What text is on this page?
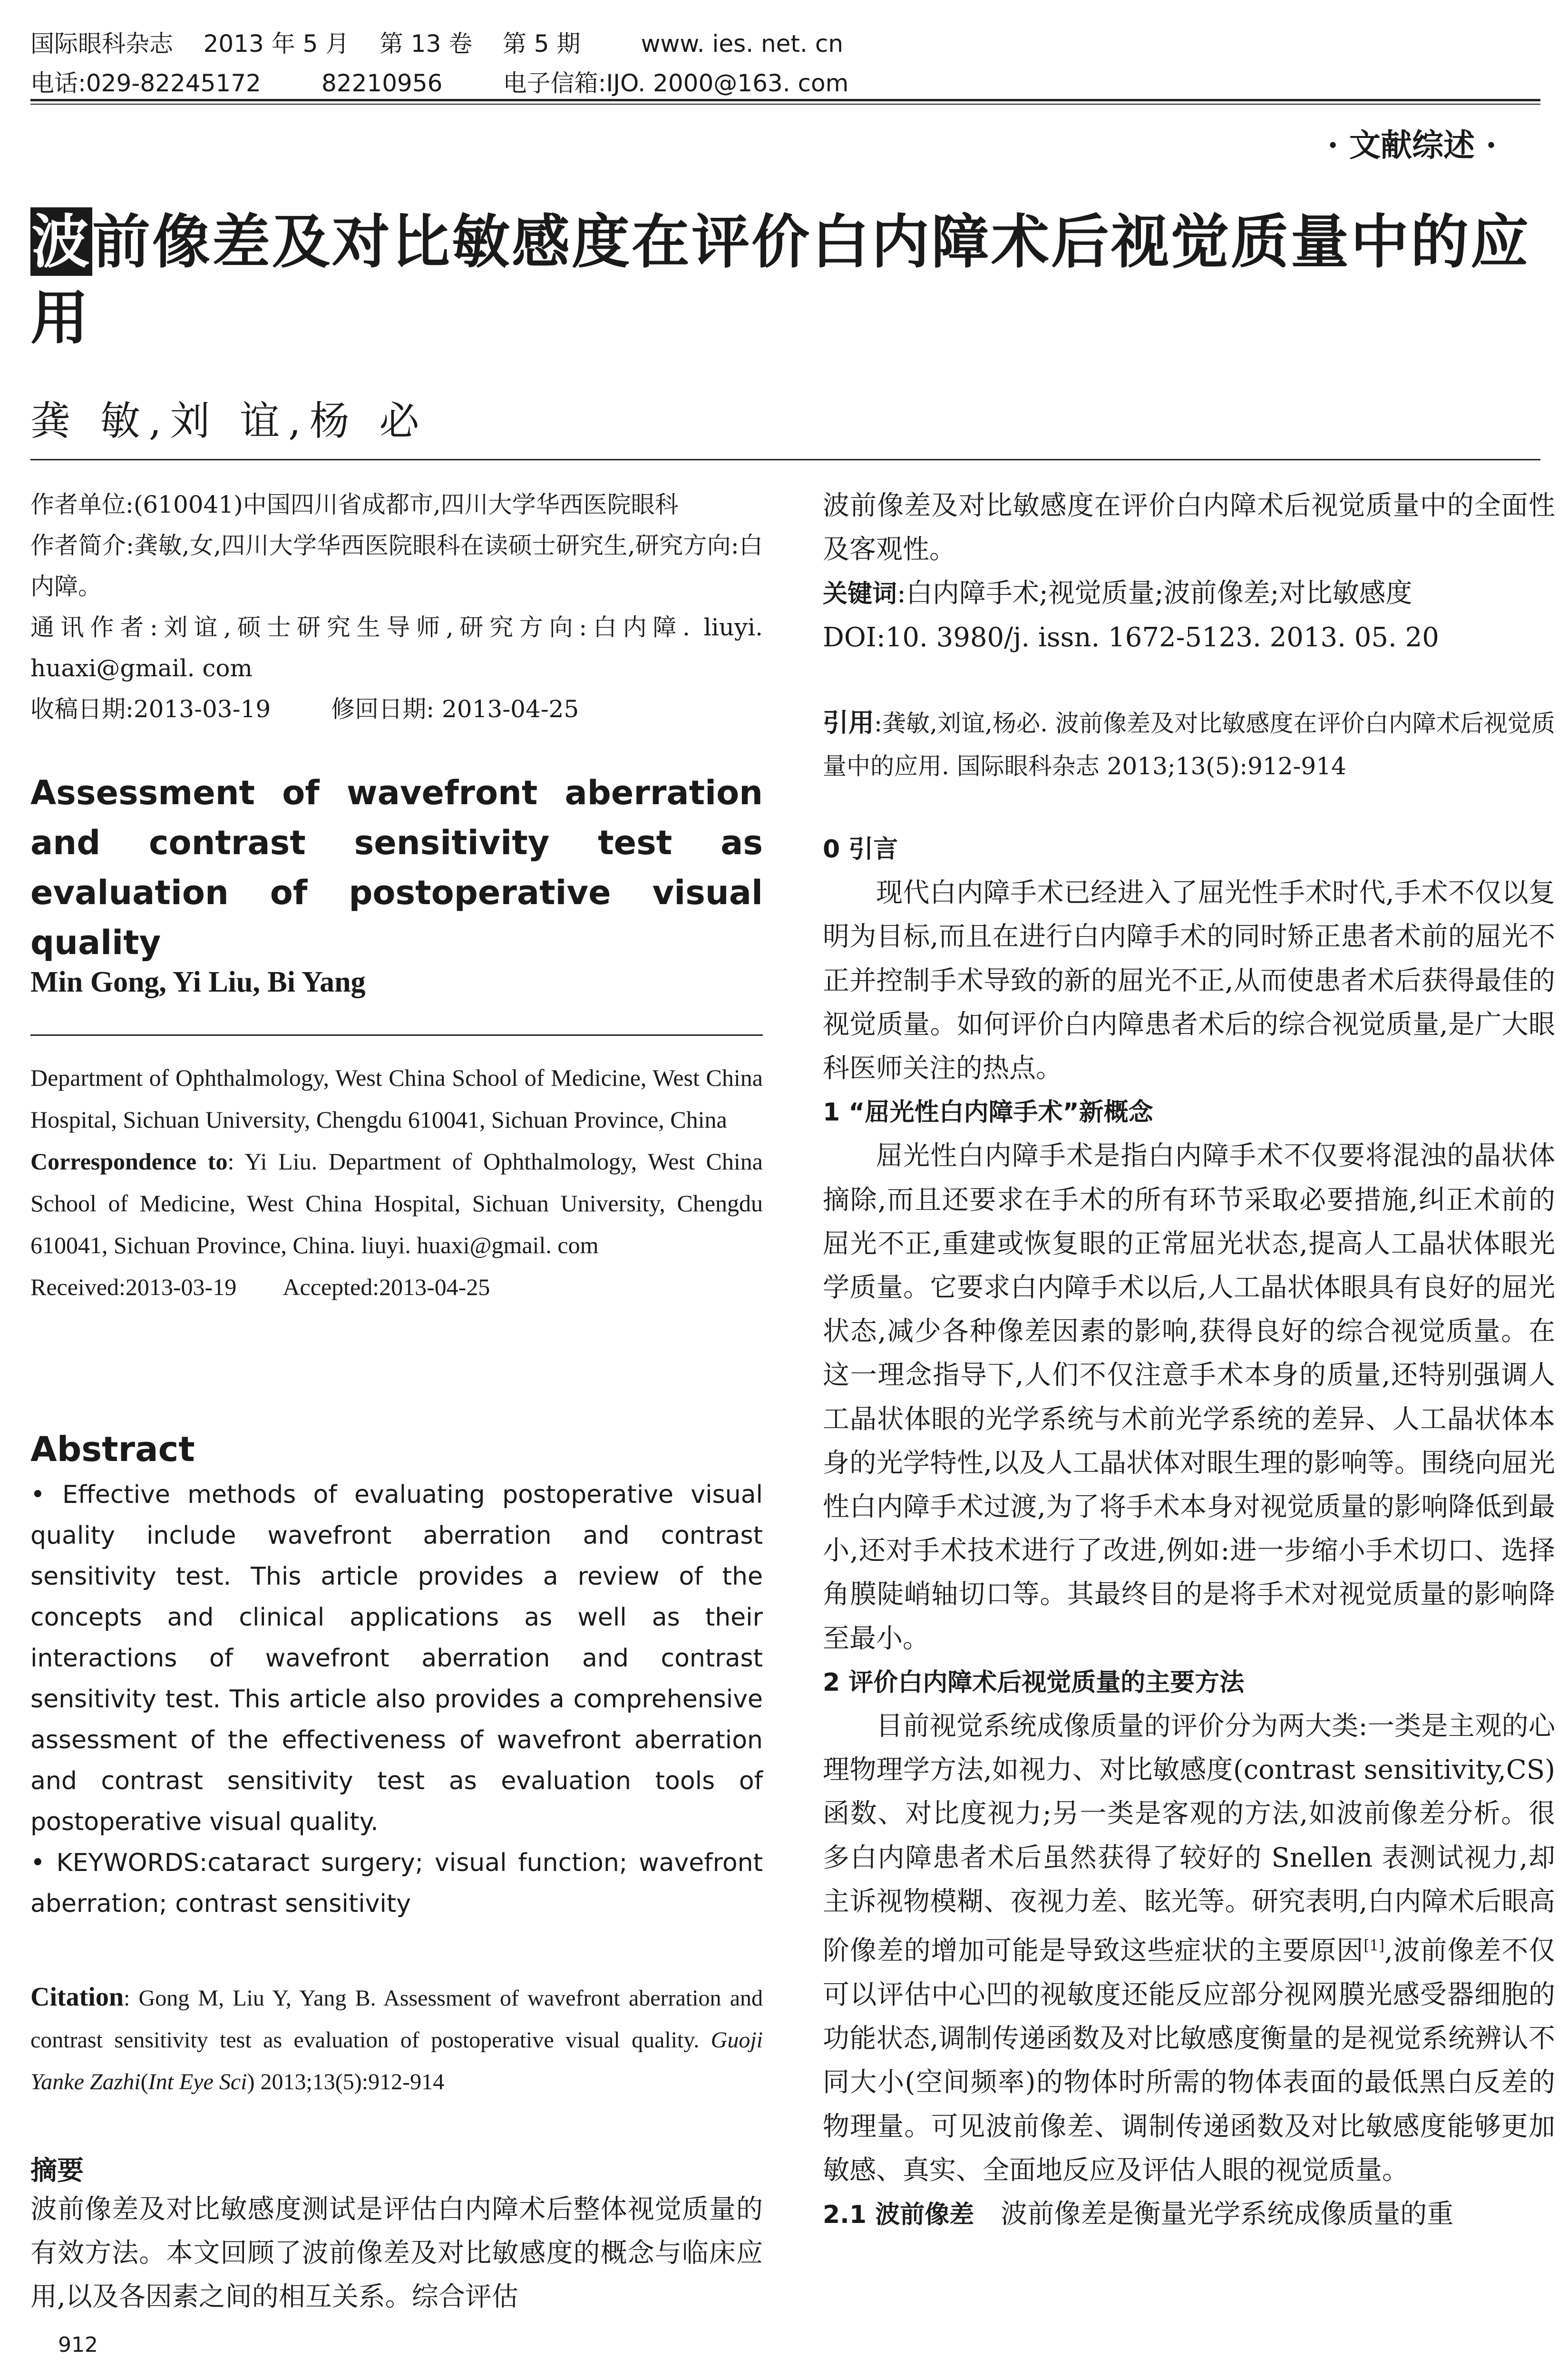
国际眼科杂志    2013 年 5 月    第 13 卷    第 5 期        www. ies. net. cn
电话:029-82245172        82210956        电子信箱:IJO. 2000@163. com
· 文献综述 ·
波前像差及对比敏感度在评价白内障术后视觉质量中的应用
龚 敏,刘 谊,杨 必
作者单位:(610041)中国四川省成都市,四川大学华西医院眼科
作者简介:龚敏,女,四川大学华西医院眼科在读硕士研究生,研究方向:白内障。
通讯作者:刘谊,硕士研究生导师,研究方向:白内障. liuyi. huaxi@gmail. com
收稿日期:2013-03-19        修回日期: 2013-04-25
Assessment of wavefront aberration and contrast sensitivity test as evaluation of postoperative visual quality
Min Gong, Yi Liu, Bi Yang
Department of Ophthalmology, West China School of Medicine, West China Hospital, Sichuan University, Chengdu 610041, Sichuan Province, China
Correspondence to: Yi Liu. Department of Ophthalmology, West China School of Medicine, West China Hospital, Sichuan University, Chengdu 610041, Sichuan Province, China. liuyi. huaxi@gmail. com
Received:2013-03-19        Accepted:2013-04-25
Abstract
• Effective methods of evaluating postoperative visual quality include wavefront aberration and contrast sensitivity test. This article provides a review of the concepts and clinical applications as well as their interactions of wavefront aberration and contrast sensitivity test. This article also provides a comprehensive assessment of the effectiveness of wavefront aberration and contrast sensitivity test as evaluation tools of postoperative visual quality.
• KEYWORDS:cataract surgery; visual function; wavefront aberration; contrast sensitivity
Citation: Gong M, Liu Y, Yang B. Assessment of wavefront aberration and contrast sensitivity test as evaluation of postoperative visual quality. Guoji Yanke Zazhi(Int Eye Sci) 2013;13(5):912-914
摘要
波前像差及对比敏感度测试是评估白内障术后整体视觉质量的有效方法。本文回顾了波前像差及对比敏感度的概念与临床应用,以及各因素之间的相互关系。综合评估
912
波前像差及对比敏感度在评价白内障术后视觉质量中的全面性及客观性。
关键词:白内障手术;视觉质量;波前像差;对比敏感度
DOI:10. 3980/j. issn. 1672-5123. 2013. 05. 20
引用:龚敏,刘谊,杨必. 波前像差及对比敏感度在评价白内障术后视觉质量中的应用. 国际眼科杂志 2013;13(5):912-914

0 引言

现代白内障手术已经进入了屈光性手术时代,手术不仅以复明为目标,而且在进行白内障手术的同时矫正患者术前的屈光不正并控制手术导致的新的屈光不正,从而使患者术后获得最佳的视觉质量。如何评价白内障患者术后的综合视觉质量,是广大眼科医师关注的热点。

1 “屈光性白内障手术”新概念

屈光性白内障手术是指白内障手术不仅要将混浊的晶状体摘除,而且还要求在手术的所有环节采取必要措施,纠正术前的屈光不正,重建或恢复眼的正常屈光状态,提高人工晶状体眼光学质量。它要求白内障手术以后,人工晶状体眼具有良好的屈光状态,减少各种像差因素的影响,获得良好的综合视觉质量。在这一理念指导下,人们不仅注意手术本身的质量,还特别强调人工晶状体眼的光学系统与术前光学系统的差异、人工晶状体本身的光学特性,以及人工晶状体对眼生理的影响等。围绕向屈光性白内障手术过渡,为了将手术本身对视觉质量的影响降低到最小,还对手术技术进行了改进,例如:进一步缩小手术切口、选择角膜陡峭轴切口等。其最终目的是将手术对视觉质量的影响降至最小。

2 评价白内障术后视觉质量的主要方法

目前视觉系统成像质量的评价分为两大类:一类是主观的心理物理学方法,如视力、对比敏感度(contrast sensitivity,CS)函数、对比度视力;另一类是客观的方法,如波前像差分析。很多白内障患者术后虽然获得了较好的 Snellen 表测试视力,却主诉视物模糊、夜视力差、眩光等。研究表明,白内障术后眼高阶像差的增加可能是导致这些症状的主要原因[1],波前像差不仅可以评估中心凹的视敏度还能反应部分视网膜光感受器细胞的功能状态,调制传递函数及对比敏感度衡量的是视觉系统辨认不同大小(空间频率)的物体时所需的物体表面的最低黑白反差的物理量。可见波前像差、调制传递函数及对比敏感度能够更加敏感、真实、全面地反应及评估人眼的视觉质量。

2.1 波前像差  波前像差是衡量光学系统成像质量的重
